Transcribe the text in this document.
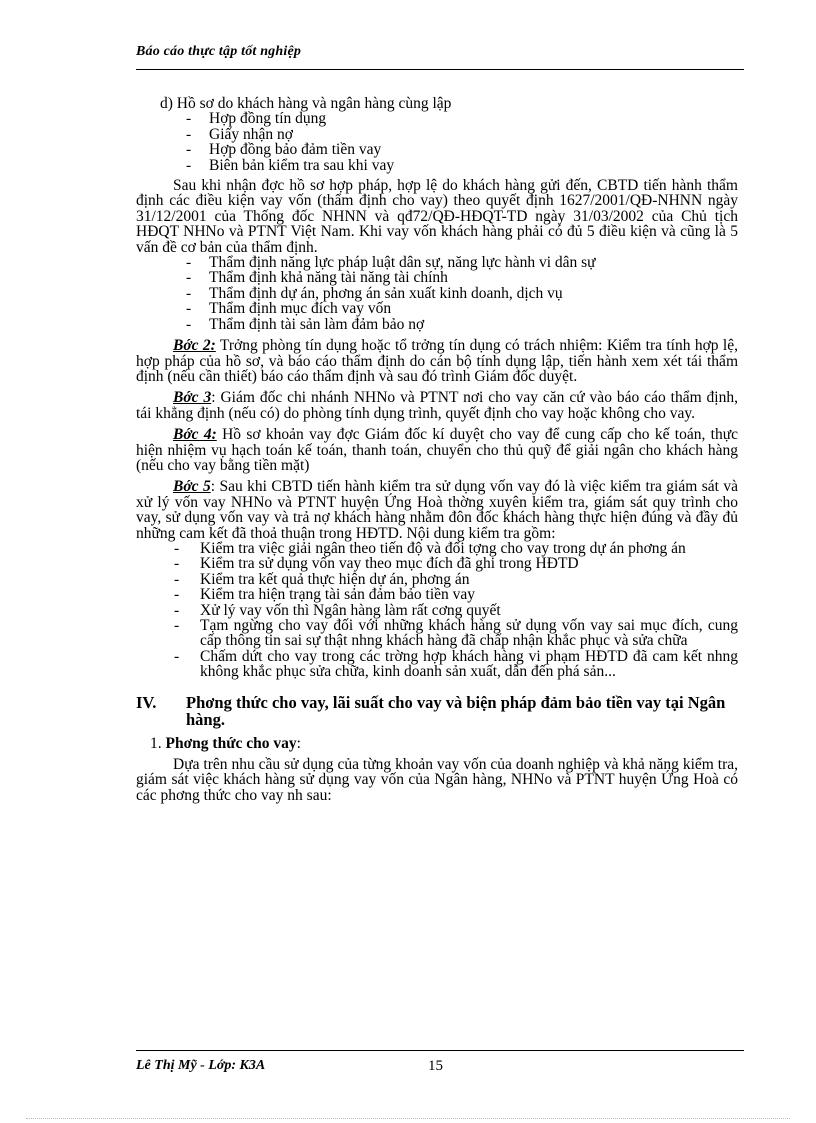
Báo cáo thực tập tốt nghiệp

d) Hồ sơ do khách hàng và ngân hàng cùng lập

- Hợp đồng tín dụng
- Giấy nhận nợ
- Hợp đồng bảo đảm tiền vay
- Biên bản kiểm tra sau khi vay

Sau khi nhận đợc hồ sơ hợp pháp, hợp lệ do khách hàng gửi đến, CBTD tiến hành thẩm định các điều kiện vay vốn (thẩm định cho vay) theo quyết định 1627/2001/QĐ-NHNN ngày 31/12/2001 của Thống đốc NHNN và qđ72/QĐ-HĐQT-TD ngày 31/03/2002 của Chủ tịch HĐQT NHNo và PTNT Việt Nam. Khi vay vốn khách hàng phải có đủ 5 điều kiện và cũng là 5 vấn đề cơ bản của thẩm định.

- Thẩm định năng lực pháp luật dân sự, năng lực hành vi dân sự
- Thẩm định khả năng tài năng tài chính
- Thẩm định dự án, phơng án sản xuất kinh doanh, dịch vụ
- Thẩm định mục đích vay vốn
- Thẩm định tài sản làm đảm bảo nợ

Bớc 2: Trởng phòng tín dụng hoặc tổ trởng tín dụng có trách nhiệm: Kiểm tra tính hợp lệ, hợp pháp của hồ sơ, và báo cáo thẩm định do cán bộ tính dụng lập, tiến hành xem xét tái thẩm định (nếu cần thiết) báo cáo thẩm định và sau đó trình Giám đốc duyệt.

Bớc 3: Giám đốc chi nhánh NHNo và PTNT nơi cho vay căn cứ vào báo cáo thẩm định, tái khẳng định (nếu có) do phòng tính dụng trình, quyết định cho vay hoặc không cho vay.

Bớc 4: Hồ sơ khoản vay đợc Giám đốc kí duyệt cho vay để cung cấp cho kế toán, thực hiện nhiệm vụ hạch toán kế toán, thanh toán, chuyển cho thủ quỹ để giải ngân cho khách hàng (nếu cho vay bằng tiền mặt)

Bớc 5: Sau khi CBTD tiến hành kiểm tra sử dụng vốn vay đó là việc kiểm tra giám sát và xử lý vốn vay NHNo và PTNT huyện Ứng Hoà thờng xuyên kiểm tra, giám sát quy trình cho vay, sử dụng vốn vay và trả nợ khách hàng nhằm đôn đốc khách hàng thực hiện đúng và đầy đủ những cam kết đã thoả thuận trong HĐTD. Nội dung kiểm tra gồm:

- Kiểm tra việc giải ngân theo tiến độ và đối tợng cho vay trong dự án phơng án
- Kiểm tra sử dụng vốn vay theo mục đích đã ghi trong HĐTD
- Kiểm tra kết quả thực hiện dự án, phơng án
- Kiểm tra hiện trạng tài sản đảm bảo tiền vay
- Xử lý vay vốn thì Ngân hàng làm rất cơng quyết
- Tạm ngừng cho vay đối với những khách hàng sử dụng vốn vay sai mục đích, cung cấp thông tin sai sự thật nhng khách hàng đã chấp nhận khắc phục và sửa chữa
- Chấm dứt cho vay trong các trờng hợp khách hàng vi phạm HĐTD đã cam kết nhng không khắc phục sửa chữa, kinh doanh sản xuất, dẫn đến phá sản...

IV. Phơng thức cho vay, lãi suất cho vay và biện pháp đảm bảo tiền vay tại Ngân hàng.

1. Phơng thức cho vay:

Dựa trên nhu cầu sử dụng của từng khoản vay vốn của doanh nghiệp và khả năng kiểm tra, giám sát việc khách hàng sử dụng vay vốn của Ngân hàng, NHNo và PTNT huyện Ứng Hoà có các phơng thức cho vay nh sau:

Lê Thị Mỹ - Lớp: K3A	15
